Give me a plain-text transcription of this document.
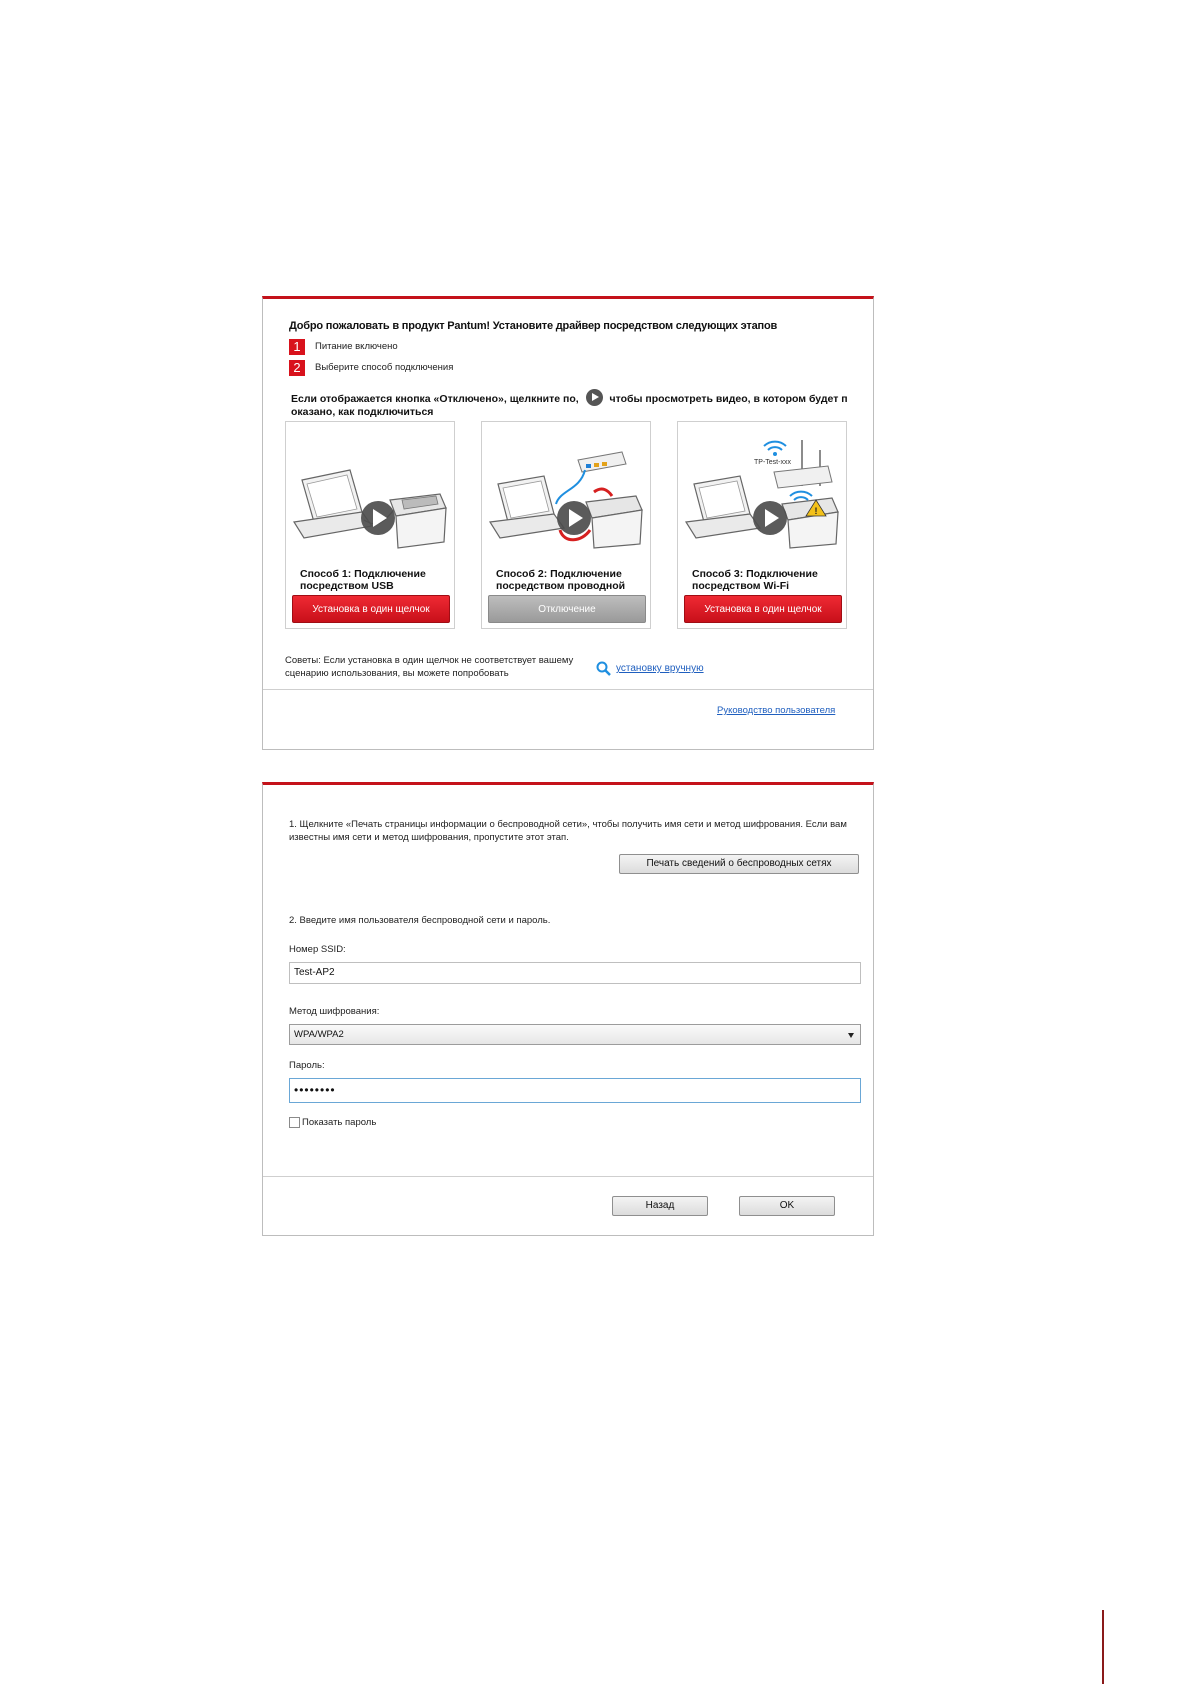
Добро пожаловать в продукт Pantum! Установите драйвер посредством следующих этапов
1	Питание включено
2	Выберите способ подключения
Если отображается кнопка «Отключено», щелкните по,	чтобы просмотреть видео, в котором будет п оказано, как подключиться
Способ 1: Подключение посредством USB
Установка в один щелчок
Способ 2: Подключение посредством проводной
Отключение
TP-Test-xxx
!
Способ 3: Подключение посредством Wi-Fi
Установка в один щелчок
Советы: Если установка в один щелчок не соответствует вашему сценарию использования, вы можете попробовать	установку вручную
Руководство пользователя
1. Щелкните «Печать страницы информации о беспроводной сети», чтобы получить имя сети и метод шифрования. Если вам известны имя сети и метод шифрования, пропустите этот этап.
Печать сведений о беспроводных сетях
2. Введите имя пользователя беспроводной сети и пароль.
Номер SSID:
Test-AP2
Метод шифрования:
WPA/WPA2
Пароль:
••••••••
Показать пароль
Назад	OK
